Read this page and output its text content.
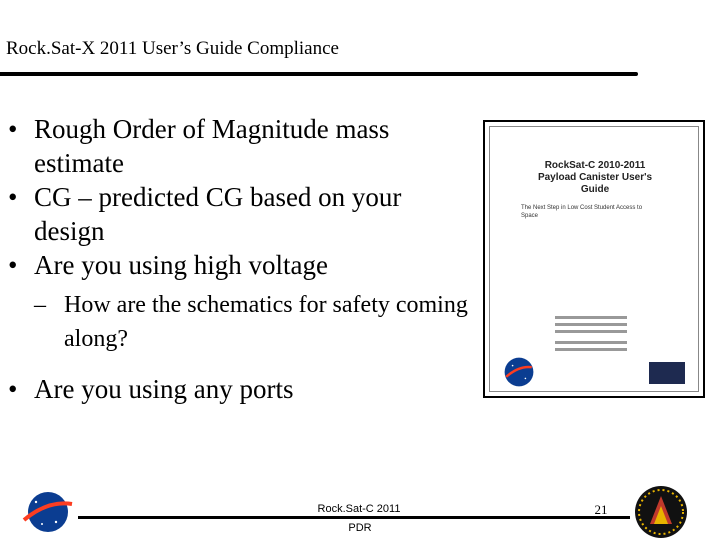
Rock.Sat-X 2011 User’s Guide Compliance
• Rough Order of Magnitude mass estimate
• CG – predicted CG based on your design
• Are you using high voltage
– How are the schematics for safety coming along?
• Are you using any ports
RockSat-C 2010-2011 Payload Canister User's Guide
The Next Step in Low Cost Student Access to Space
Rock.Sat-C 2011
PDR
21
